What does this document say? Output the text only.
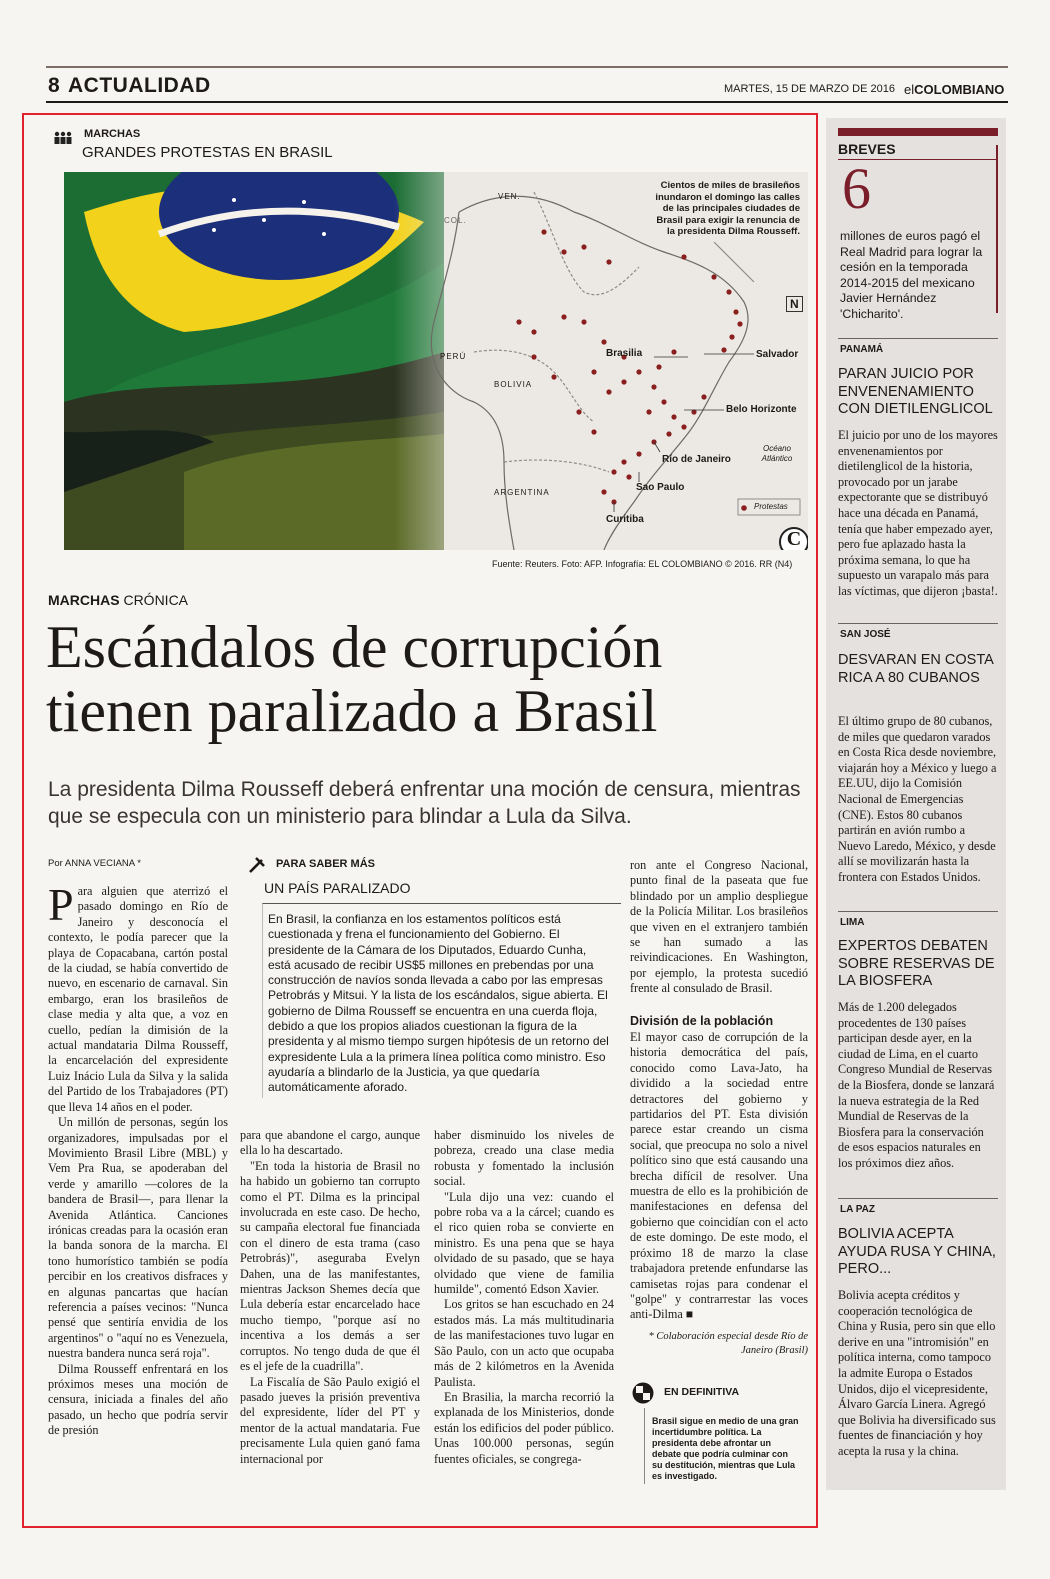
8 ACTUALIDAD	MARTES, 15 DE MARZO DE 2016 elCOLOMBIANO
MARCHAS
GRANDES PROTESTAS EN BRASIL
Cientos de miles de brasileños inundaron el domingo las calles de las principales ciudades de Brasil para exigir la renuncia de la presidenta Dilma Rousseff.
VEN.
COL.
PERÚ
BOLIVIA
ARGENTINA
Brasilia	Salvador
Belo Horizonte
Río de Janeiro
Sao Paulo
Curitiba
Océano Atlántico
Protestas
N
C
Fuente: Reuters. Foto: AFP. Infografía: EL COLOMBIANO © 2016. RR (N4)
MARCHAS CRÓNICA
Escándalos de corrupción tienen paralizado a Brasil
La presidenta Dilma Rousseff deberá enfrentar una moción de censura, mientras que se especula con un ministerio para blindar a Lula da Silva.
Por ANNA VECIANA *

Para alguien que aterrizó el pasado domingo en Río de Janeiro y desconocía el contexto, le podía parecer que la playa de Copacabana, cartón postal de la ciudad, se había convertido de nuevo, en escenario de carnaval. Sin embargo, eran los brasileños de clase media y alta que, a voz en cuello, pedían la dimisión de la actual mandataria Dilma Rousseff, la encarcelación del expresidente Luiz Inácio Lula da Silva y la salida del Partido de los Trabajadores (PT) que lleva 14 años en el poder.

Un millón de personas, según los organizadores, impulsadas por el Movimiento Brasil Libre (MBL) y Vem Pra Rua, se apoderaban del verde y amarillo —colores de la bandera de Brasil—, para llenar la Avenida Atlántica. Canciones irónicas creadas para la ocasión eran la banda sonora de la marcha. El tono humorístico también se podía percibir en los creativos disfraces y en algunas pancartas que hacían referencia a países vecinos: "Nunca pensé que sentiría envidia de los argentinos" o "aquí no es Venezuela, nuestra bandera nunca será roja".

Dilma Rousseff enfrentará en los próximos meses una moción de censura, iniciada a finales del año pasado, un hecho que podría servir de presión

PARA SABER MÁS
UN PAÍS PARALIZADO
En Brasil, la confianza en los estamentos políticos está cuestionada y frena el funcionamiento del Gobierno. El presidente de la Cámara de los Diputados, Eduardo Cunha, está acusado de recibir US$5 millones en prebendas por una construcción de navíos sonda llevada a cabo por las empresas Petrobrás y Mitsui. Y la lista de los escándalos, sigue abierta. El gobierno de Dilma Rousseff se encuentra en una cuerda floja, debido a que los propios aliados cuestionan la figura de la presidenta y al mismo tiempo surgen hipótesis de un retorno del expresidente Lula a la primera línea política como ministro. Eso ayudaría a blindarlo de la Justicia, ya que quedaría automáticamente aforado.

para que abandone el cargo, aunque ella lo ha descartado.

"En toda la historia de Brasil no ha habido un gobierno tan corrupto como el PT. Dilma es la principal involucrada en este caso. De hecho, su campaña electoral fue financiada con el dinero de esta trama (caso Petrobrás)", aseguraba Evelyn Dahen, una de las manifestantes, mientras Jackson Shemes decía que Lula debería estar encarcelado hace mucho tiempo, "porque así no incentiva a los demás a ser corruptos. No tengo duda de que él es el jefe de la cuadrilla".

La Fiscalía de São Paulo exigió el pasado jueves la prisión preventiva del expresidente, líder del PT y mentor de la actual mandataria. Fue precisamente Lula quien ganó fama internacional por

haber disminuido los niveles de pobreza, creado una clase media robusta y fomentado la inclusión social.

"Lula dijo una vez: cuando el pobre roba va a la cárcel; cuando es el rico quien roba se convierte en ministro. Es una pena que se haya olvidado de su pasado, que se haya olvidado que viene de familia humilde", comentó Edson Xavier.

Los gritos se han escuchado en 24 estados más. La más multitudinaria de las manifestaciones tuvo lugar en São Paulo, con un acto que ocupaba más de 2 kilómetros en la Avenida Paulista.

En Brasilia, la marcha recorrió la explanada de los Ministerios, donde están los edificios del poder público. Unas 100.000 personas, según fuentes oficiales, se congrega-

ron ante el Congreso Nacional, punto final de la paseata que fue blindado por un amplio despliegue de la Policía Militar. Los brasileños que viven en el extranjero también se han sumado a las reivindicaciones. En Washington, por ejemplo, la protesta sucedió frente al consulado de Brasil.

División de la población

El mayor caso de corrupción de la historia democrática del país, conocido como Lava-Jato, ha dividido a la sociedad entre detractores del gobierno y partidarios del PT. Esta división parece estar creando un cisma social, que preocupa no solo a nivel político sino que está causando una brecha difícil de resolver. Una muestra de ello es la prohibición de manifestaciones en defensa del gobierno que coincidían con el acto de este domingo. De este modo, el próximo 18 de marzo la clase trabajadora pretende enfundarse las camisetas rojas para condenar el "golpe" y contrarrestar las voces anti-Dilma ■

* Colaboración especial desde Río de Janeiro (Brasil)
EN DEFINITIVA
Brasil sigue en medio de una gran incertidumbre política. La presidenta debe afrontar un debate que podría culminar con su destitución, mientras que Lula es investigado.
BREVES
6
millones de euros pagó el Real Madrid para lograr la cesión en la temporada 2014-2015 del mexicano Javier Hernández 'Chicharito'.
PANAMÁ
PARAN JUICIO POR ENVENENAMIENTO CON DIETILENGLICOL
El juicio por uno de los mayores envenenamientos por dietilenglicol de la historia, provocado por un jarabe expectorante que se distribuyó hace una década en Panamá, tenía que haber empezado ayer, pero fue aplazado hasta la próxima semana, lo que ha supuesto un varapalo más para las víctimas, que dijeron ¡basta!.
SAN JOSÉ
DESVARAN EN COSTA RICA A 80 CUBANOS
El último grupo de 80 cubanos, de miles que quedaron varados en Costa Rica desde noviembre, viajarán hoy a México y luego a EE.UU, dijo la Comisión Nacional de Emergencias (CNE). Estos 80 cubanos partirán en avión rumbo a Nuevo Laredo, México, y desde allí se movilizarán hasta la frontera con Estados Unidos.
LIMA
EXPERTOS DEBATEN SOBRE RESERVAS DE LA BIOSFERA
Más de 1.200 delegados procedentes de 130 países participan desde ayer, en la ciudad de Lima, en el cuarto Congreso Mundial de Reservas de la Biosfera, donde se lanzará la nueva estrategia de la Red Mundial de Reservas de la Biosfera para la conservación de esos espacios naturales en los próximos diez años.
LA PAZ
BOLIVIA ACEPTA AYUDA RUSA Y CHINA, PERO...
Bolivia acepta créditos y cooperación tecnológica de China y Rusia, pero sin que ello derive en una "intromisión" en política interna, como tampoco la admite Europa o Estados Unidos, dijo el vicepresidente, Álvaro García Linera. Agregó que Bolivia ha diversificado sus fuentes de financiación y hoy acepta la rusa y la china.
